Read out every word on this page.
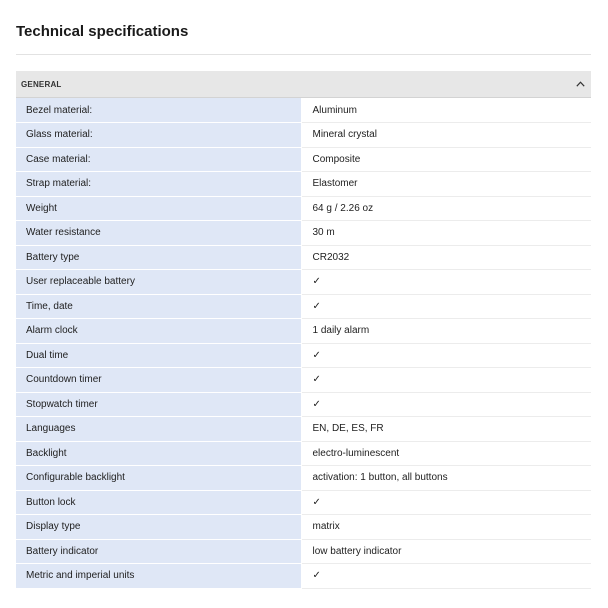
Technical specifications
GENERAL
Bezel material:	Aluminum
Glass material:	Mineral crystal
Case material:	Composite
Strap material:	Elastomer
Weight	64 g / 2.26 oz
Water resistance	30 m
Battery type	CR2032
User replaceable battery	✓
Time, date	✓
Alarm clock	1 daily alarm
Dual time	✓
Countdown timer	✓
Stopwatch timer	✓
Languages	EN, DE, ES, FR
Backlight	electro-luminescent
Configurable backlight	activation: 1 button, all buttons
Button lock	✓
Display type	matrix
Battery indicator	low battery indicator
Metric and imperial units	✓
